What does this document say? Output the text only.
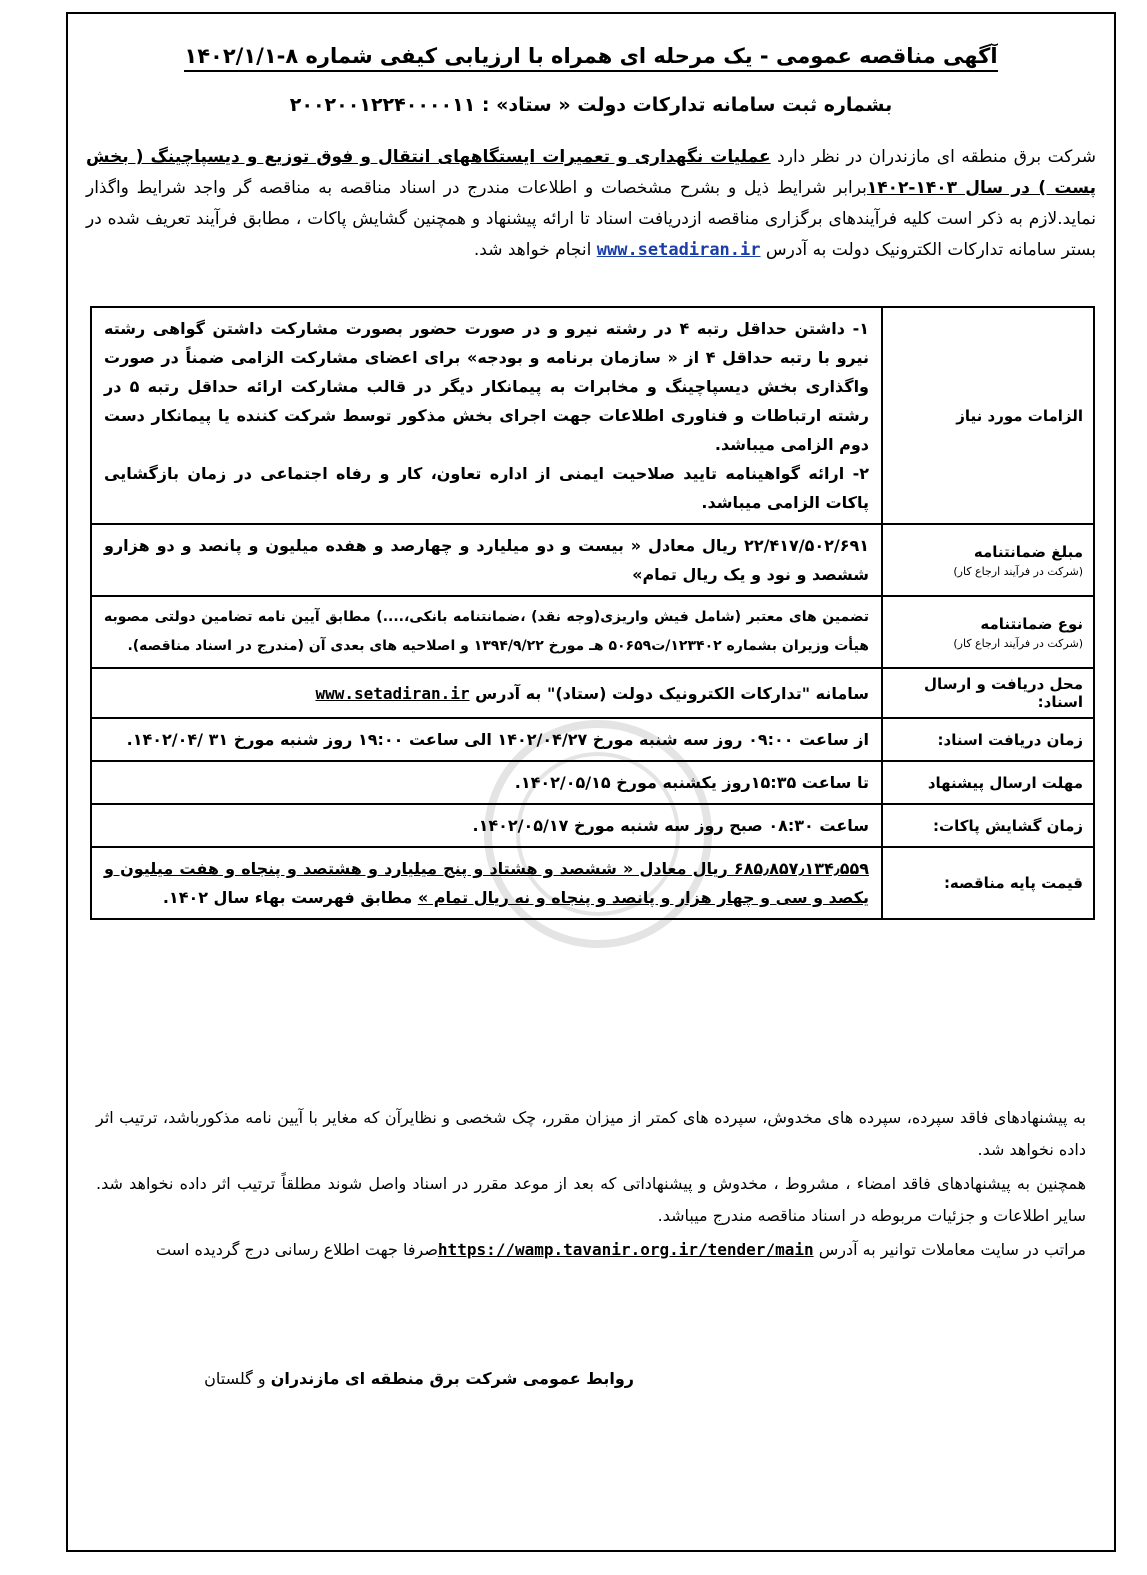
آگهی مناقصه عمومی - یک مرحله ای همراه با ارزیابی کیفی شماره ۸-۱۴۰۲/۱/۱
بشماره ثبت سامانه تدارکات دولت « ستاد» : ۲۰۰۲۰۰۱۲۲۴۰۰۰۰۱۱
شرکت برق منطقه ای مازندران در نظر دارد عملیات نگهداری و تعمیرات ایستگاههای انتقال و فوق توزیع و دیسپاچینگ ( بخش پست ) در سال ۱۴۰۳-۱۴۰۲برابر شرایط ذیل و بشرح مشخصات و اطلاعات مندرج در اسناد مناقصه به مناقصه گر واجد شرایط واگذار نماید.لازم به ذکر است کلیه فرآیندهای برگزاری مناقصه ازدریافت اسناد تا ارائه پیشنهاد و همچنین گشایش پاکات ، مطابق فرآیند تعریف شده در بستر سامانه تدارکات الکترونیک دولت به آدرس www.setadiran.ir انجام خواهد شد.
الزامات مورد نیاز	۱- داشتن حداقل رتبه ۴ در رشته نیرو و در صورت حضور بصورت مشارکت داشتن گواهی رشته نیرو با رتبه حداقل ۴ از « سازمان برنامه و بودجه» برای اعضای مشارکت الزامی ضمناً در صورت واگذاری بخش دیسپاچینگ و مخابرات به پیمانکار دیگر در قالب مشارکت ارائه حداقل رتبه ۵ در رشته ارتباطات و فناوری اطلاعات جهت اجرای بخش مذکور توسط شرکت کننده یا پیمانکار دست دوم الزامی میباشد.
۲- ارائه گواهینامه تایید صلاحیت ایمنی از اداره تعاون، کار و رفاه اجتماعی در زمان بازگشایی پاکات الزامی میباشد.

مبلغ ضمانتنامه
(شرکت در فرآیند ارجاع کار)	۲۲/۴۱۷/۵۰۲/۶۹۱ ریال معادل « بیست و دو میلیارد و چهارصد و هفده میلیون و پانصد و دو هزارو ششصد و نود و یک ریال تمام»
نوع ضمانتنامه
(شرکت در فرآیند ارجاع کار)	تضمین های معتبر (شامل فیش واریزی(وجه نقد) ،ضمانتنامه بانکی،....) مطابق آیین نامه تضامین دولتی مصوبه هیأت وزیران بشماره ۱۲۳۴۰۲/ت۵۰۶۵۹ هـ مورخ ۱۳۹۴/۹/۲۲ و اصلاحیه های بعدی آن (مندرج در اسناد مناقصه).
محل دریافت و ارسال اسناد:	سامانه "تدارکات الکترونیک دولت (ستاد)" به آدرس www.setadiran.ir
زمان دریافت اسناد:	از ساعت ۰۹:۰۰ روز سه شنبه مورخ ۱۴۰۲/۰۴/۲۷ الی ساعت ۱۹:۰۰ روز شنبه مورخ ۳۱ /۱۴۰۲/۰۴.
مهلت ارسال پیشنهاد	تا ساعت ۱۵:۳۵روز یکشنبه مورخ ۱۴۰۲/۰۵/۱۵.
زمان گشایش پاکات:	ساعت ۰۸:۳۰ صبح روز سه شنبه مورخ ۱۴۰۲/۰۵/۱۷.
قیمت پایه مناقصه:	۶۸۵٫۸۵۷٫۱۳۴٫۵۵۹ ریال معادل « ششصد و هشتاد و پنج میلیارد و هشتصد و پنجاه و هفت میلیون و یکصد و سی و چهار هزار و پانصد و پنجاه و نه ریال تمام » مطابق فهرست بهاء سال ۱۴۰۲.

به پیشنهادهای فاقد سپرده، سپرده های مخدوش، سپرده های کمتر از میزان مقرر، چک شخصی و نظایرآن که مغایر با آیین نامه مذکورباشد، ترتیب اثر داده نخواهد شد.

همچنین به پیشنهادهای فاقد امضاء ، مشروط ، مخدوش و پیشنهاداتی که بعد از موعد مقرر در اسناد واصل شوند مطلقاً ترتیب اثر داده نخواهد شد. سایر اطلاعات و جزئیات مربوطه در اسناد مناقصه مندرج میباشد.

مراتب در سایت معاملات توانیر به آدرس https://wamp.tavanir.org.ir/tender/mainصرفا جهت اطلاع رسانی درج گردیده است

روابط عمومی شرکت برق منطقه ای مازندران و گلستان
